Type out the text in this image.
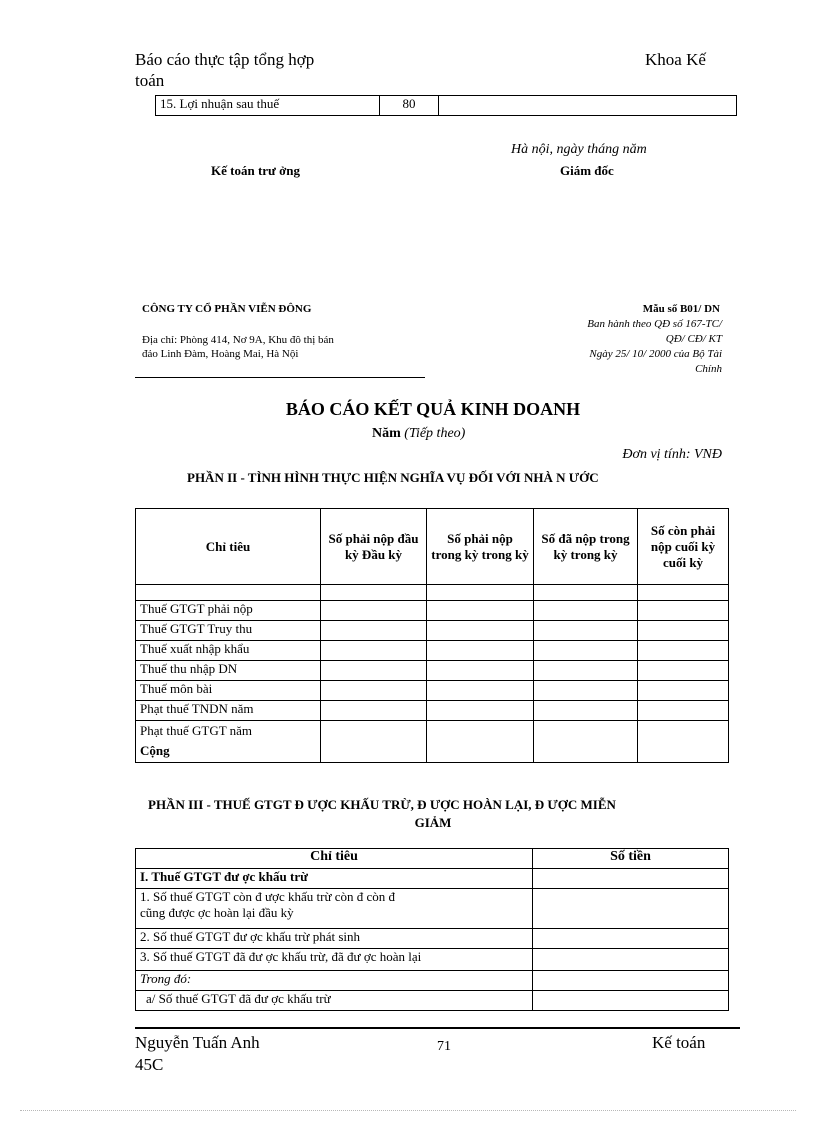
Báo cáo thực tập tổng hợp
toán
Khoa Kế
15. Lợi nhuận sau thuế	80	
Hà nội, ngày tháng năm
Kế toán trư ởng	Giám đốc
CÔNG TY CỔ PHẦN VIỄN ĐÔNG
Địa chỉ: Phòng 414, Nơ 9A, Khu đô thị bán
đảo Linh Đàm, Hoàng Mai, Hà Nội
Mẫu số B01/ DN
Ban hành theo QĐ số 167-TC/
QĐ/ CĐ/ KT
Ngày 25/ 10/ 2000 của Bộ Tài
Chính
BÁO CÁO KẾT QUẢ KINH DOANH
Năm (Tiếp theo)
Đơn vị tính: VNĐ
PHẦN II - TÌNH HÌNH THỰC HIỆN NGHĨA VỤ ĐỐI VỚI NHÀ N ƯỚC
Chỉ tiêu	Số phải nộp đầu kỳ Đầu kỳ	Số phải nộp trong kỳ trong kỳ	Số đã nộp trong kỳ trong kỳ	Số còn phải nộp cuối kỳ cuối kỳ

Thuế GTGT phải nộp				
Thuế GTGT Truy thu				
Thuế xuất nhập khẩu				
Thuế thu nhập DN				
Thuế môn bài				
Phạt thuế TNDN năm				

Phạt thuế GTGT năm
Cộng				

PHẦN III - THUẾ GTGT Đ ƯỢC KHẤU TRỪ, Đ ƯỢC HOÀN LẠI, Đ ƯỢC MIỄN
GIẢM
Chỉ tiêu	Số tiền
I. Thuế GTGT đư ợc khấu trừ	

1. Số thuế GTGT còn đ ược khấu trừ còn đ còn đ
cũng được ợc hoàn lại đầu kỳ	

2. Số thuế GTGT đư ợc khấu trừ phát sinh	
3. Số thuế GTGT đã đư ợc khấu trừ, đã đư ợc hoàn lại	
Trong đó:	
a/ Số thuế GTGT đã đư ợc khấu trừ	
Nguyễn Tuấn Anh
45C
71	Kế toán
